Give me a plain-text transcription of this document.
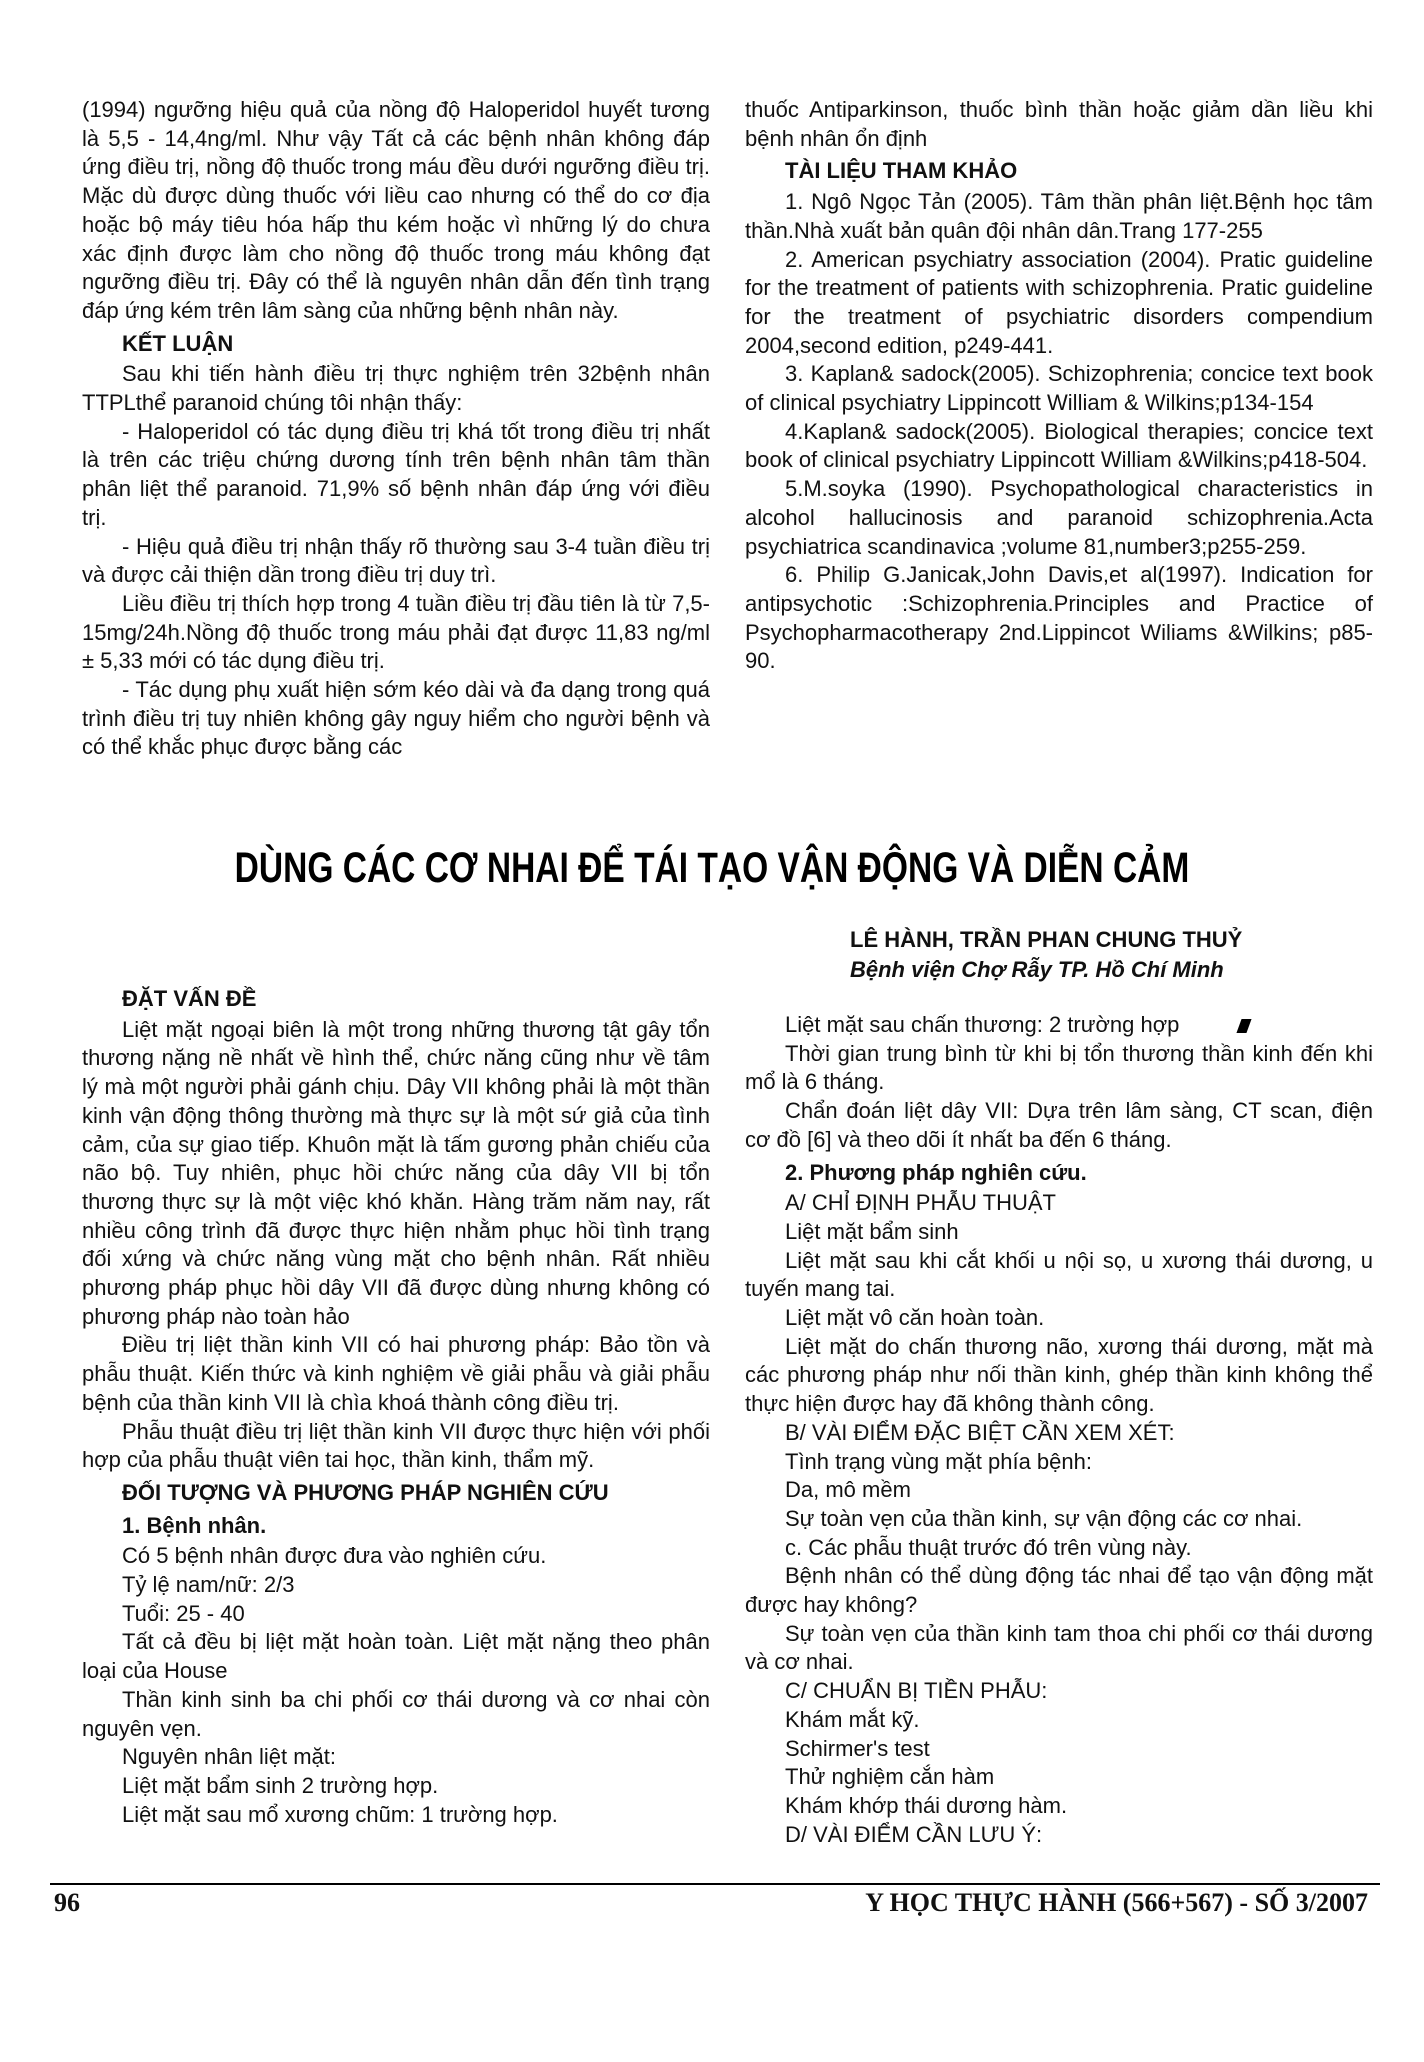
(1994) ngưỡng hiệu quả của nồng độ Haloperidol huyết tương là 5,5 - 14,4ng/ml. Như vậy Tất cả các bệnh nhân không đáp ứng điều trị, nồng độ thuốc trong máu đều dưới ngưỡng điều trị. Mặc dù được dùng thuốc với liều cao nhưng có thể do cơ địa hoặc bộ máy tiêu hóa hấp thu kém hoặc vì những lý do chưa xác định được làm cho nồng độ thuốc trong máu không đạt ngưỡng điều trị. Đây có thể là nguyên nhân dẫn đến tình trạng đáp ứng kém trên lâm sàng của những bệnh nhân này.

KẾT LUẬN

Sau khi tiến hành điều trị thực nghiệm trên 32bệnh nhân TTPLthể paranoid chúng tôi nhận thấy:

- Haloperidol có tác dụng điều trị khá tốt trong điều trị nhất là trên các triệu chứng dương tính trên bệnh nhân tâm thần phân liệt thể paranoid. 71,9% số bệnh nhân đáp ứng với điều trị.

- Hiệu quả điều trị nhận thấy rõ thường sau 3-4 tuần điều trị và được cải thiện dần trong điều trị duy trì.

Liều điều trị thích hợp trong 4 tuần điều trị đầu tiên là từ 7,5-15mg/24h.Nồng độ thuốc trong máu phải đạt được 11,83 ng/ml ± 5,33 mới có tác dụng điều trị.

- Tác dụng phụ xuất hiện sớm kéo dài và đa dạng trong quá trình điều trị tuy nhiên không gây nguy hiểm cho người bệnh và có thể khắc phục được bằng các

thuốc Antiparkinson, thuốc bình thần hoặc giảm dần liều khi bệnh nhân ổn định

TÀI LIỆU THAM KHẢO

1. Ngô Ngọc Tản (2005). Tâm thần phân liệt.Bệnh học tâm thần.Nhà xuất bản quân đội nhân dân.Trang 177-255

2. American psychiatry association (2004). Pratic guideline for the treatment of patients with schizophrenia. Pratic guideline for the treatment of psychiatric disorders compendium 2004,second edition, p249-441.

3. Kaplan& sadock(2005). Schizophrenia; concice text book of clinical psychiatry Lippincott William & Wilkins;p134-154

4.Kaplan& sadock(2005). Biological therapies; concice text book of clinical psychiatry Lippincott William &Wilkins;p418-504.

5.M.soyka (1990). Psychopathological characteristics in alcohol hallucinosis and paranoid schizophrenia.Acta psychiatrica scandinavica ;volume 81,number3;p255-259.

6. Philip G.Janicak,John Davis,et al(1997). Indication for antipsychotic :Schizophrenia.Principles and Practice of Psychopharmacotherapy 2nd.Lippincot Wiliams &Wilkins; p85-90.

DÙNG CÁC CƠ NHAI ĐỂ TÁI TẠO VẬN ĐỘNG VÀ DIỄN CẢM
LÊ HÀNH, TRẦN PHAN CHUNG THUỶ
Bệnh viện Chợ Rẫy TP. Hồ Chí Minh
ĐẶT VẤN ĐỀ

Liệt mặt ngoại biên là một trong những thương tật gây tổn thương nặng nề nhất về hình thể, chức năng cũng như về tâm lý mà một người phải gánh chịu. Dây VII không phải là một thần kinh vận động thông thường mà thực sự là một sứ giả của tình cảm, của sự giao tiếp. Khuôn mặt là tấm gương phản chiếu của não bộ. Tuy nhiên, phục hồi chức năng của dây VII bị tổn thương thực sự là một việc khó khăn. Hàng trăm năm nay, rất nhiều công trình đã được thực hiện nhằm phục hồi tình trạng đối xứng và chức năng vùng mặt cho bệnh nhân. Rất nhiều phương pháp phục hồi dây VII đã được dùng nhưng không có phương pháp nào toàn hảo

Điều trị liệt thần kinh VII có hai phương pháp: Bảo tồn và phẫu thuật. Kiến thức và kinh nghiệm về giải phẫu và giải phẫu bệnh của thần kinh VII là chìa khoá thành công điều trị.

Phẫu thuật điều trị liệt thần kinh VII được thực hiện với phối hợp của phẫu thuật viên tai học, thần kinh, thẩm mỹ.

ĐỐI TƯỢNG VÀ PHƯƠNG PHÁP NGHIÊN CỨU
1. Bệnh nhân.

Có 5 bệnh nhân được đưa vào nghiên cứu.

Tỷ lệ nam/nữ: 2/3

Tuổi: 25 - 40

Tất cả đều bị liệt mặt hoàn toàn. Liệt mặt nặng theo phân loại của House

Thần kinh sinh ba chi phối cơ thái dương và cơ nhai còn nguyên vẹn.

Nguyên nhân liệt mặt:

Liệt mặt bẩm sinh 2 trường hợp.

Liệt mặt sau mổ xương chũm: 1 trường hợp.

Liệt mặt sau chấn thương: 2 trường hợp

Thời gian trung bình từ khi bị tổn thương thần kinh đến khi mổ là 6 tháng.

Chẩn đoán liệt dây VII: Dựa trên lâm sàng, CT scan, điện cơ đồ [6] và theo dõi ít nhất ba đến 6 tháng.

2. Phương pháp nghiên cứu.

A/ CHỈ ĐỊNH PHẪU THUẬT

Liệt mặt bẩm sinh

Liệt mặt sau khi cắt khối u nội sọ, u xương thái dương, u tuyến mang tai.

Liệt mặt vô căn hoàn toàn.

Liệt mặt do chấn thương não, xương thái dương, mặt mà các phương pháp như nối thần kinh, ghép thần kinh không thể thực hiện được hay đã không thành công.

B/ VÀI ĐIỂM ĐẶC BIỆT CẦN XEM XÉT:

Tình trạng vùng mặt phía bệnh:

Da, mô mềm

Sự toàn vẹn của thần kinh, sự vận động các cơ nhai.

c. Các phẫu thuật trước đó trên vùng này.

Bệnh nhân có thể dùng động tác nhai để tạo vận động mặt được hay không?

Sự toàn vẹn của thần kinh tam thoa chi phối cơ thái dương và cơ nhai.

C/ CHUẨN BỊ TIỀN PHẪU:

Khám mắt kỹ.

Schirmer's test

Thử nghiệm cắn hàm

Khám khớp thái dương hàm.

D/ VÀI ĐIỂM CẦN LƯU Ý:

96	Y HỌC THỰC HÀNH (566+567) - SỐ 3/2007
